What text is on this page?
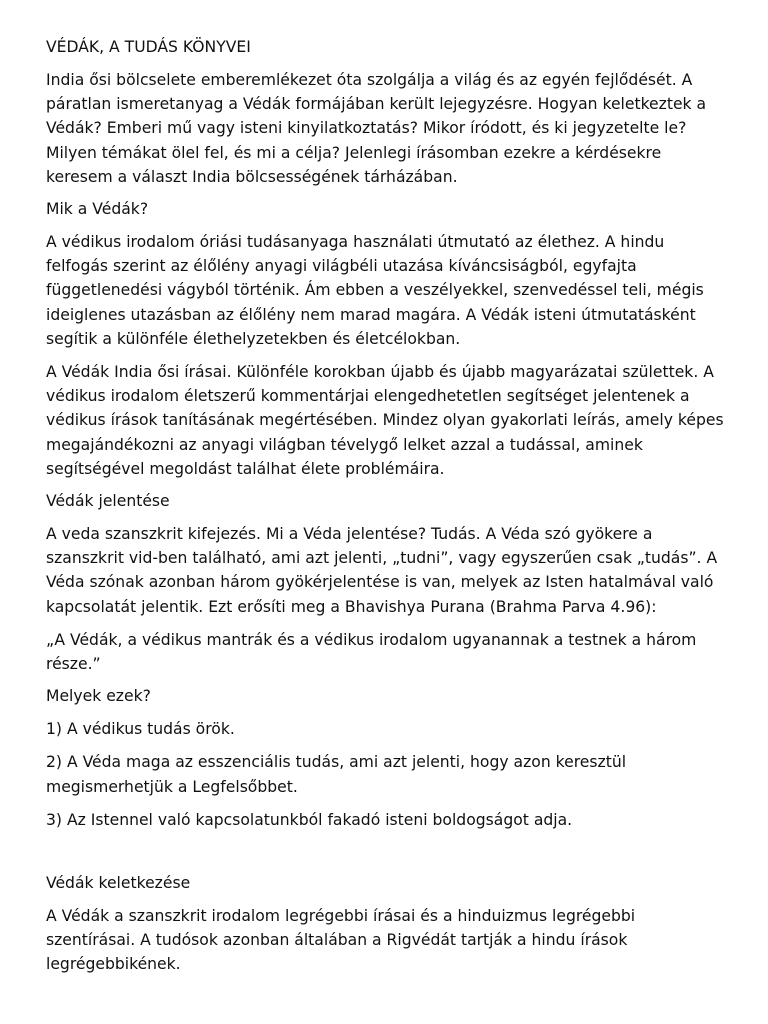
VÉDÁK, A TUDÁS KÖNYVEI

India ősi bölcselete emberemlékezet óta szolgálja a világ és az egyén fejlődését. A páratlan ismeretanyag a Védák formájában került lejegyzésre. Hogyan keletkeztek a Védák? Emberi mű vagy isteni kinyilatkoztatás? Mikor íródott, és ki jegyzetelte le? Milyen témákat ölel fel, és mi a célja? Jelenlegi írásomban ezekre a kérdésekre keresem a választ India bölcsességének tárházában.

Mik a Védák?

A védikus irodalom óriási tudásanyaga használati útmutató az élethez. A hindu felfogás szerint az élőlény anyagi világbéli utazása kíváncsiságból, egyfajta függetlenedési vágyból történik. Ám ebben a veszélyekkel, szenvedéssel teli, mégis ideiglenes utazásban az élőlény nem marad magára. A Védák isteni útmutatásként segítik a különféle élethelyzetekben és életcélokban.

A Védák India ősi írásai. Különféle korokban újabb és újabb magyarázatai születtek. A védikus irodalom életszerű kommentárjai elengedhetetlen segítséget jelentenek a védikus írások tanításának megértésében. Mindez olyan gyakorlati leírás, amely képes megajándékozni az anyagi világban tévelygő lelket azzal a tudással, aminek segítségével megoldást találhat élete problémáira.

Védák jelentése

A veda szanszkrit kifejezés. Mi a Véda jelentése? Tudás. A Véda szó gyökere a szanszkrit vid-ben található, ami azt jelenti, „tudni”, vagy egyszerűen csak „tudás”. A Véda szónak azonban három gyökérjelentése is van, melyek az Isten hatalmával való kapcsolatát jelentik. Ezt erősíti meg a Bhavishya Purana (Brahma Parva 4.96):

„A Védák, a védikus mantrák és a védikus irodalom ugyanannak a testnek a három része.”

Melyek ezek?

1) A védikus tudás örök.

2) A Véda maga az esszenciális tudás, ami azt jelenti, hogy azon keresztül megismerhetjük a Legfelsőbbet.

3) Az Istennel való kapcsolatunkból fakadó isteni boldogságot adja.

Védák keletkezése

A Védák a szanszkrit irodalom legrégebbi írásai és a hinduizmus legrégebbi szentírásai. A tudósok azonban általában a Rigvédát tartják a hindu írások legrégebbikének.
